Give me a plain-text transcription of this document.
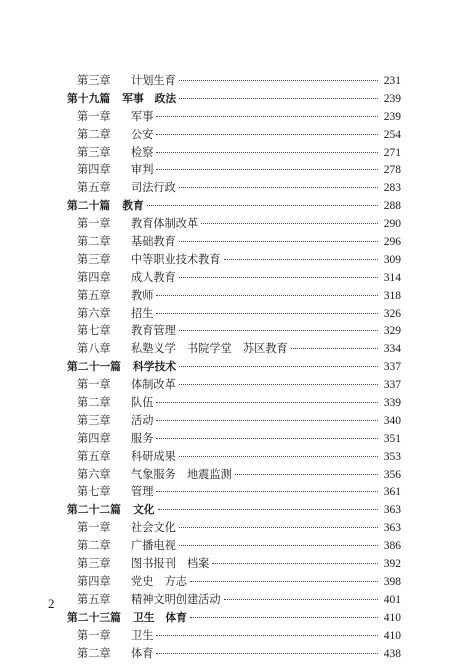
第三章	计划生育	231
第十九篇	军事　政法	239
第一章	军事	239
第二章	公安	254
第三章	检察	271
第四章	审判	278
第五章	司法行政	283
第二十篇	教育	288
第一章	教育体制改革	290
第二章	基础教育	296
第三章	中等职业技术教育	309
第四章	成人教育	314
第五章	教师	318
第六章	招生	326
第七章	教育管理	329
第八章	私塾义学　书院学堂　苏区教育	334
第二十一篇	科学技术	337
第一章	体制改革	337
第二章	队伍	339
第三章	活动	340
第四章	服务	351
第五章	科研成果	353
第六章	气象服务　地震监测	356
第七章	管理	361
第二十二篇	文化	363
第一章	社会文化	363
第二章	广播电视	386
第三章	图书报刊　档案	392
第四章	党史　方志	398
第五章	精神文明创建活动	401
第二十三篇	卫生　体育	410
第一章	卫生	410
第二章	体育	438
2
